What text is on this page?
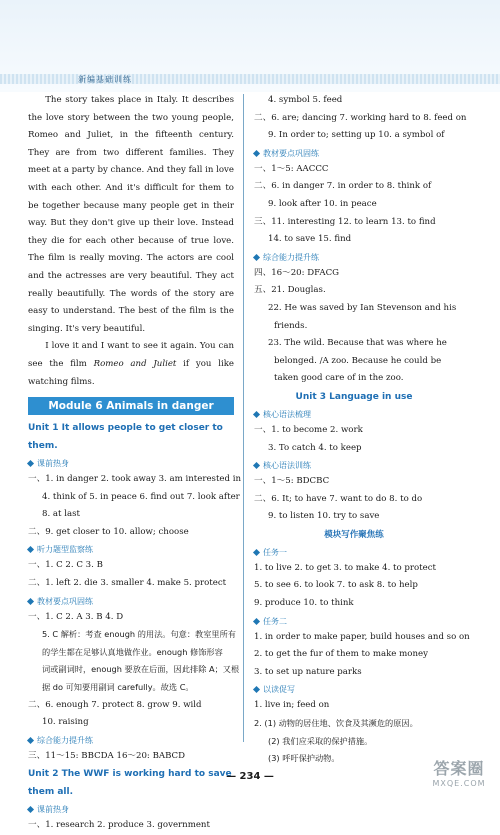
新编基础训练

The story takes place in Italy. It describes the love story between the two young people, Romeo and Juliet, in the fifteenth century. They are from two different families. They meet at a party by chance. And they fall in love with each other. And it's difficult for them to be together because many people get in their way. But they don't give up their love. Instead they die for each other because of true love. The film is really moving. The actors are cool and the actresses are very beautiful. They act really beautifully. The words of the story are easy to understand. The best of the film is the singing. It's very beautiful.

I love it and I want to see it again. You can see the film Romeo and Juliet if you like watching films.

Module 6 Animals in danger
Unit 1 It allows people to get closer to them.
课前热身
一、1. in danger 2. took away 3. am interested in
4. think of 5. in peace 6. find out 7. look after
8. at last
二、9. get closer to 10. allow; choose
听力题型监察练
一、1. C 2. C 3. B
二、1. left 2. die 3. smaller 4. make 5. protect
教材要点巩固练
一、1. C 2. A 3. B 4. D
5. C 解析：考查 enough 的用法。句意：教室里所有
的学生都在足够认真地做作业。enough 修饰形容
词或副词时，enough 要放在后面，因此排除 A；又根
据 do 可知要用副词 carefully。故选 C。
二、6. enough 7. protect 8. grow 9. wild
10. raising
综合能力提升练
三、11～15: BBCDA 16～20: BABCD
Unit 2 The WWF is working hard to save them all.
课前热身
一、1. research 2. produce 3. government
4. symbol 5. feed
二、6. are; dancing 7. working hard to 8. feed on
9. In order to; setting up 10. a symbol of
教材要点巩固练
一、1～5: AACCC
二、6. in danger 7. in order to 8. think of
9. look after 10. in peace
三、11. interesting 12. to learn 13. to find
14. to save 15. find
综合能力提升练
四、16～20: DFACG
五、21. Douglas.
22. He was saved by Ian Stevenson and his
friends.
23. The wild. Because that was where he
belonged. /A zoo. Because he could be
taken good care of in the zoo.
Unit 3 Language in use
核心语法梳理
一、1. to become 2. work
3. To catch 4. to keep
核心语法训练
一、1～5: BDCBC
二、6. It; to have 7. want to do 8. to do
9. to listen 10. try to save
模块写作聚焦练
任务一
1. to live 2. to get 3. to make 4. to protect
5. to see 6. to look 7. to ask 8. to help
9. produce 10. to think
任务二
1. in order to make paper, build houses and so on
2. to get the fur of them to make money
3. to set up nature parks
以读促写
1. live in; feed on
2. (1) 动物的居住地、饮食及其濒危的原因。
(2) 我们应采取的保护措施。
(3) 呼吁保护动物。
— 234 —	答案圈
MXQE.COM
